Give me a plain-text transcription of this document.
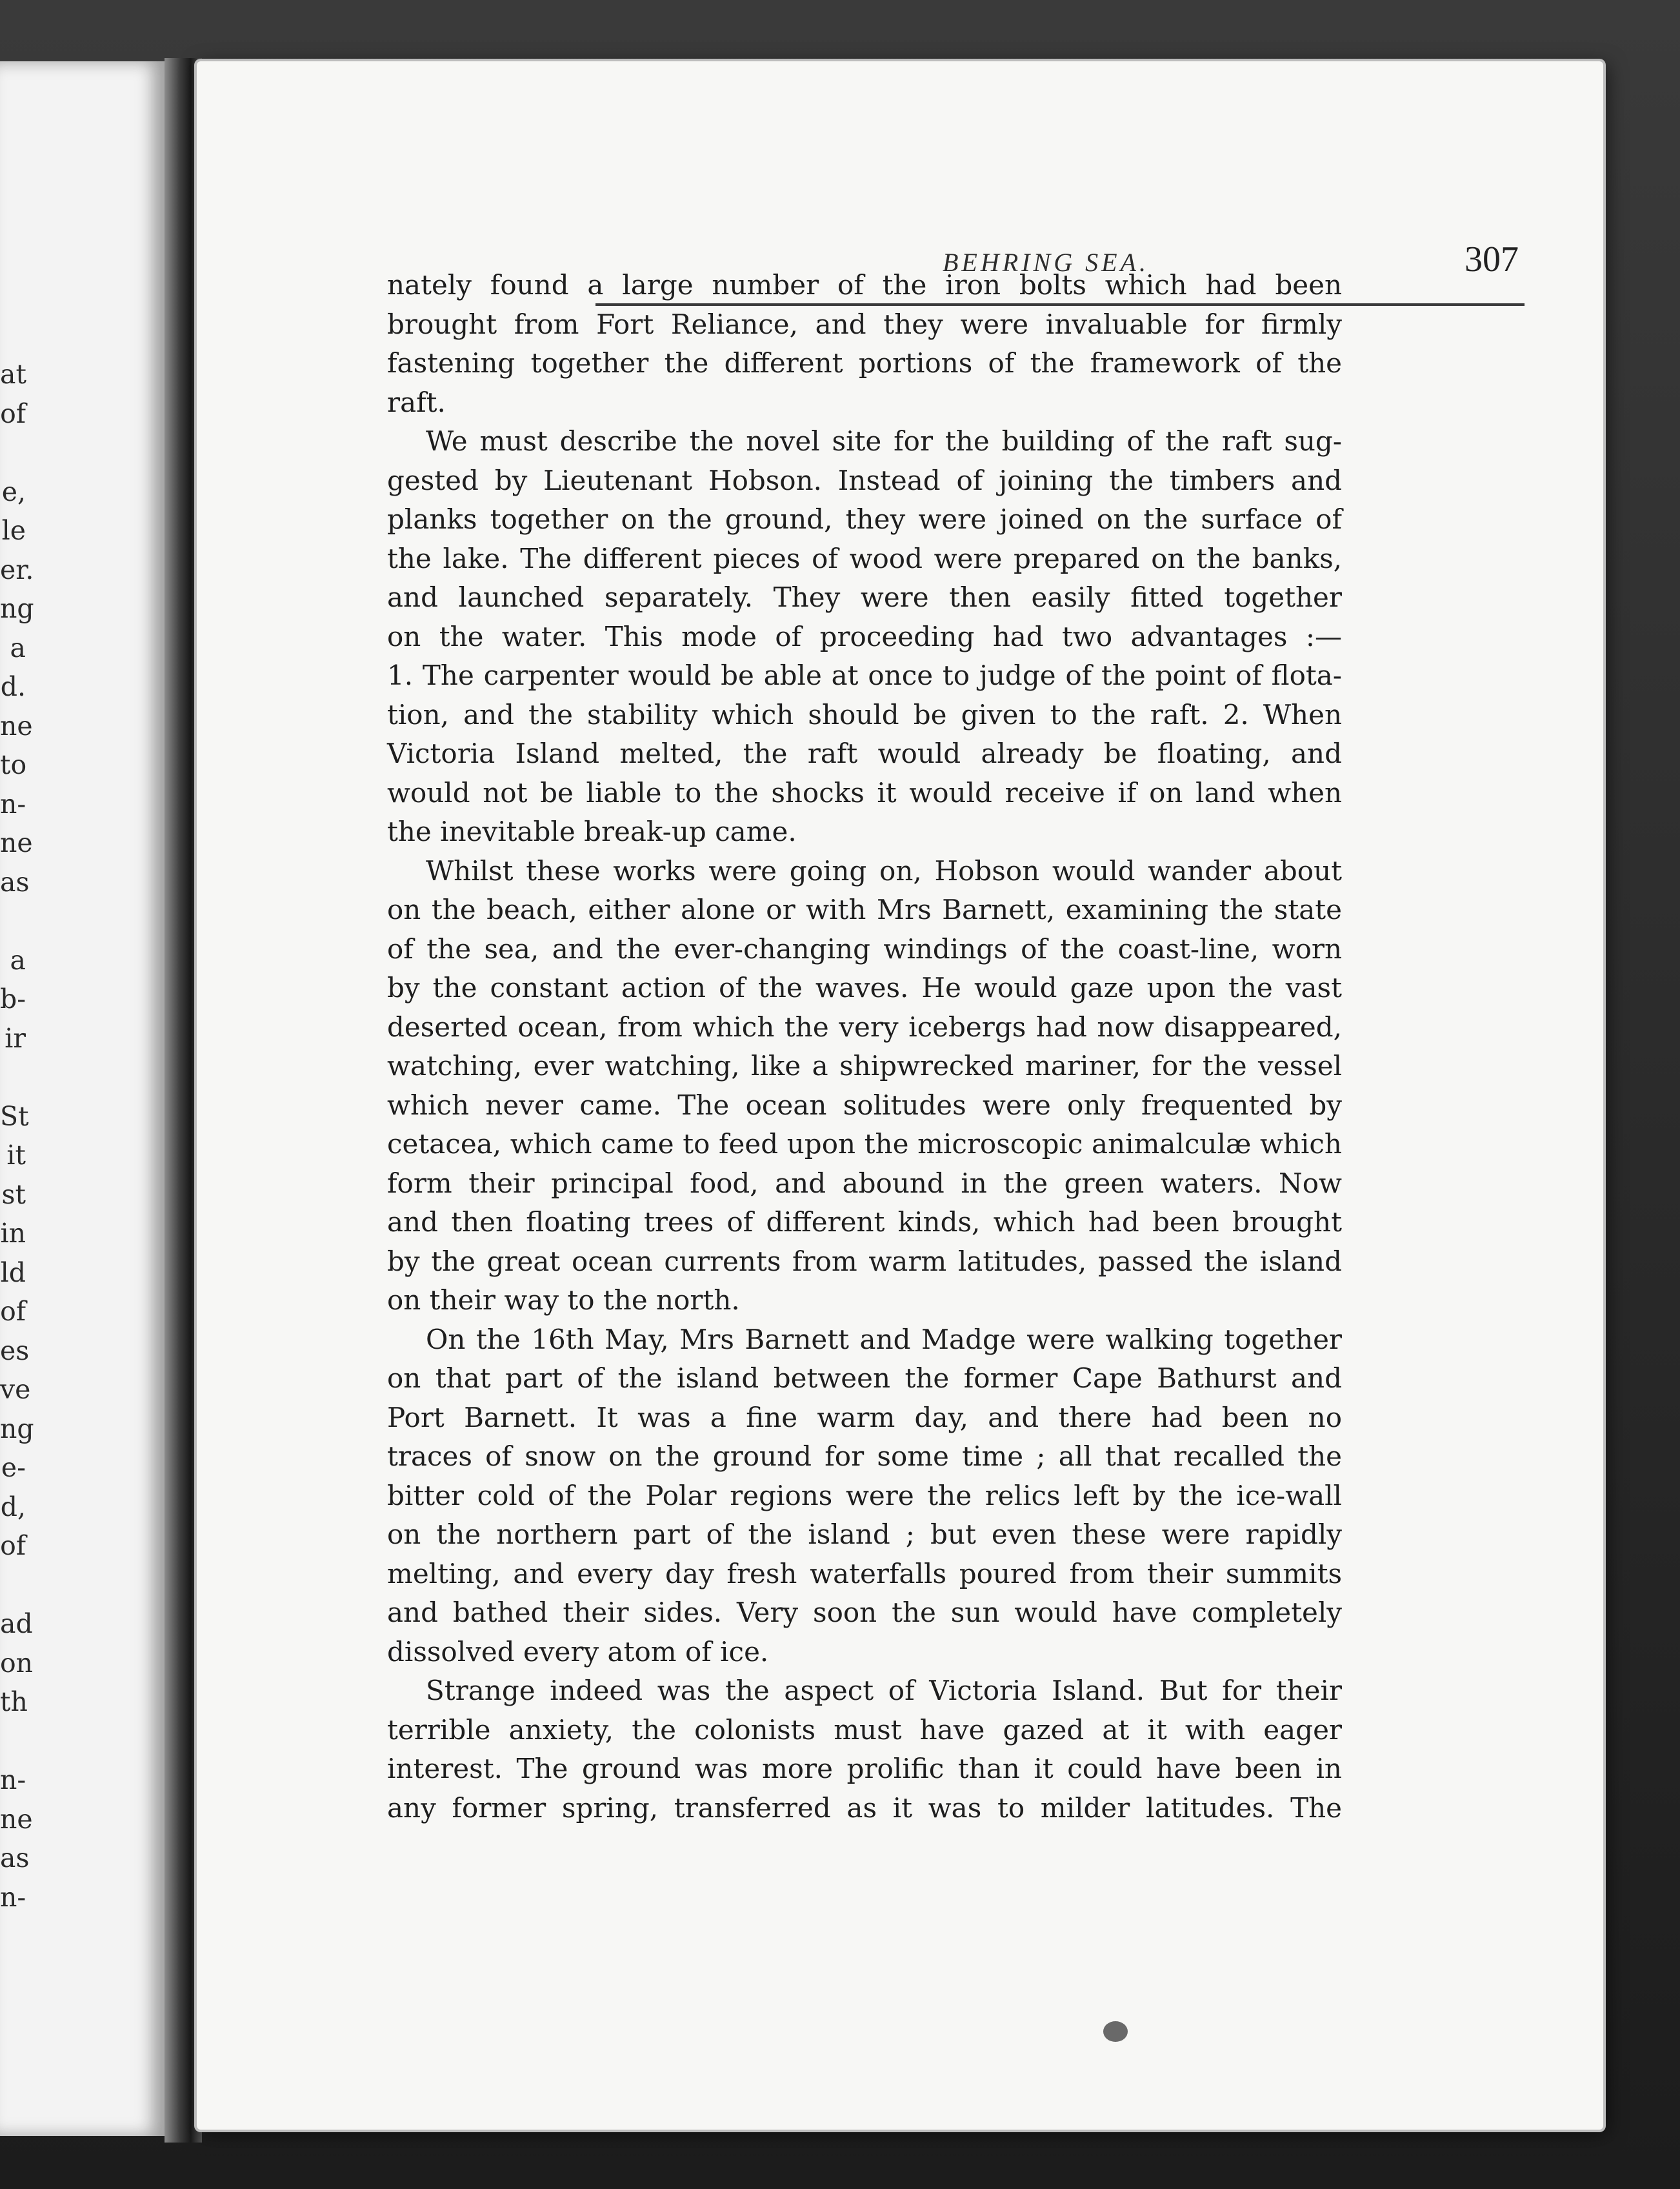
at
of
e,
le
er.
ng
a
d.
ne
to
n-
ne
as
a
b-
ir
St
it
st
in
ld
of
es
ve
ng
e-
d,
of
ad
on
th
n-
ne
as
n-
BEHRING SEA.	307
nately found a large number of the iron bolts which had been
brought from Fort Reliance, and they were invaluable for firmly
fastening together the different portions of the framework of the
raft.
We must describe the novel site for the building of the raft sug-
gested by Lieutenant Hobson. Instead of joining the timbers and
planks together on the ground, they were joined on the surface of
the lake. The different pieces of wood were prepared on the banks,
and launched separately. They were then easily fitted together
on the water. This mode of proceeding had two advantages :—
1. The carpenter would be able at once to judge of the point of flota-
tion, and the stability which should be given to the raft. 2. When
Victoria Island melted, the raft would already be floating, and
would not be liable to the shocks it would receive if on land when
the inevitable break-up came.
Whilst these works were going on, Hobson would wander about
on the beach, either alone or with Mrs Barnett, examining the state
of the sea, and the ever-changing windings of the coast-line, worn
by the constant action of the waves. He would gaze upon the vast
deserted ocean, from which the very icebergs had now disappeared,
watching, ever watching, like a shipwrecked mariner, for the vessel
which never came. The ocean solitudes were only frequented by
cetacea, which came to feed upon the microscopic animalculæ which
form their principal food, and abound in the green waters. Now
and then floating trees of different kinds, which had been brought
by the great ocean currents from warm latitudes, passed the island
on their way to the north.
On the 16th May, Mrs Barnett and Madge were walking together
on that part of the island between the former Cape Bathurst and
Port Barnett. It was a fine warm day, and there had been no
traces of snow on the ground for some time ; all that recalled the
bitter cold of the Polar regions were the relics left by the ice-wall
on the northern part of the island ; but even these were rapidly
melting, and every day fresh waterfalls poured from their summits
and bathed their sides. Very soon the sun would have completely
dissolved every atom of ice.
Strange indeed was the aspect of Victoria Island. But for their
terrible anxiety, the colonists must have gazed at it with eager
interest. The ground was more prolific than it could have been in
any former spring, transferred as it was to milder latitudes. The
